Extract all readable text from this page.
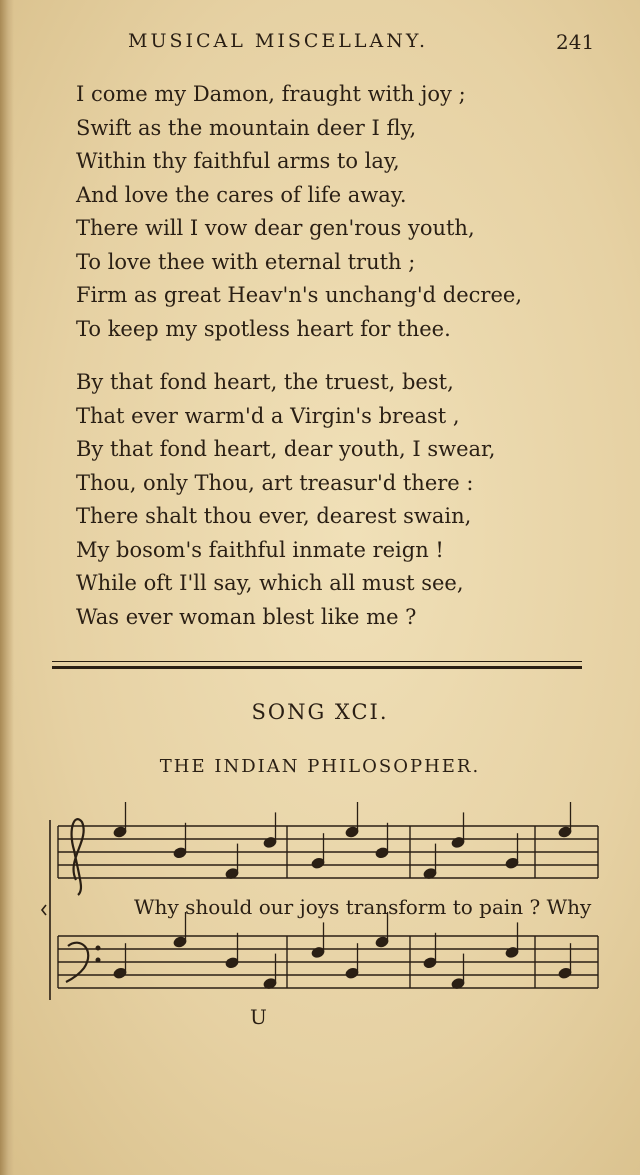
MUSICAL MISCELLANY.	241
I come my Damon, fraught with joy ;
Swift as the mountain deer I fly,
Within thy faithful arms to lay,
And love the cares of life away.
There will I vow dear gen'rous youth,
To love thee with eternal truth ;
Firm as great Heav'n's unchang'd decree,
To keep my spotless heart for thee.
By that fond heart, the truest, best,
That ever warm'd a Virgin's breast ,
By that fond heart, dear youth, I swear,
Thou, only Thou, art treasur'd there :
There shalt thou ever, dearest swain,
My bosom's faithful inmate reign !
While oft I'll say, which all must see,
Was ever woman blest like me ?
SONG XCI.
THE INDIAN PHILOSOPHER.
Why should our joys transform to pain ? Why
U
